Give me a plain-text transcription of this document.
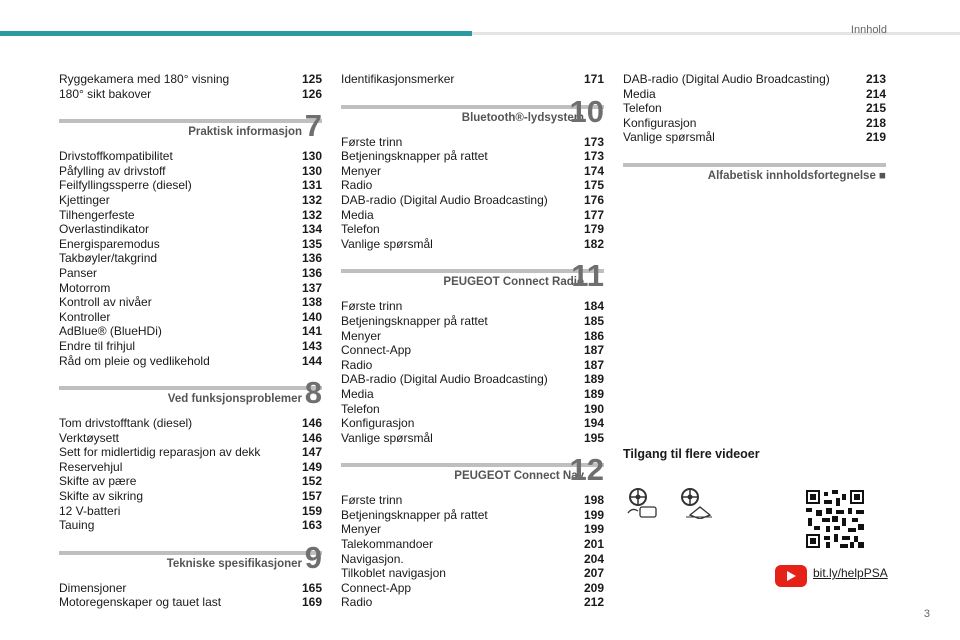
Innhold
Ryggekamera med 180° visning	125
180° sikt bakover	126
Praktisk informasjon 7
Drivstoffkompatibilitet	130
Påfylling av drivstoff	130
Feilfyllingssperre (diesel)	131
Kjettinger	132
Tilhengerfeste	132
Overlastindikator	134
Energisparemodus	135
Takbøyler/takgrind	136
Panser	136
Motorrom	137
Kontroll av nivåer	138
Kontroller	140
AdBlue® (BlueHDi)	141
Endre til frihjul	143
Råd om pleie og vedlikehold	144
Ved funksjonsproblemer 8
Tom drivstofftank (diesel)	146
Verktøysett	146
Sett for midlertidig reparasjon av dekk	147
Reservehjul	149
Skifte av pære	152
Skifte av sikring	157
12 V-batteri	159
Tauing	163
Tekniske spesifikasjoner 9
Dimensjoner	165
Motoregenskaper og tauet last	169
Identifikasjonsmerker	171
Bluetooth®-lydsystem
10
Første trinn	173
Betjeningsknapper på rattet	173
Menyer	174
Radio	175
DAB-radio (Digital Audio Broadcasting)	176
Media	177
Telefon	179
Vanlige spørsmål	182
PEUGEOT Connect Radio
11
Første trinn	184
Betjeningsknapper på rattet	185
Menyer	186
Connect-App	187
Radio	187
DAB-radio (Digital Audio Broadcasting)	189
Media	189
Telefon	190
Konfigurasjon	194
Vanlige spørsmål	195
PEUGEOT Connect Nav
12
Første trinn	198
Betjeningsknapper på rattet	199
Menyer	199
Talekommandoer	201
Navigasjon.	204
Tilkoblet navigasjon	207
Connect-App	209
Radio	212
DAB-radio (Digital Audio Broadcasting)	213
Media	214
Telefon	215
Konfigurasjon	218
Vanlige spørsmål	219
Alfabetisk innholdsfortegnelse ■
Tilgang til flere videoer
bit.ly/helpPSA
3
